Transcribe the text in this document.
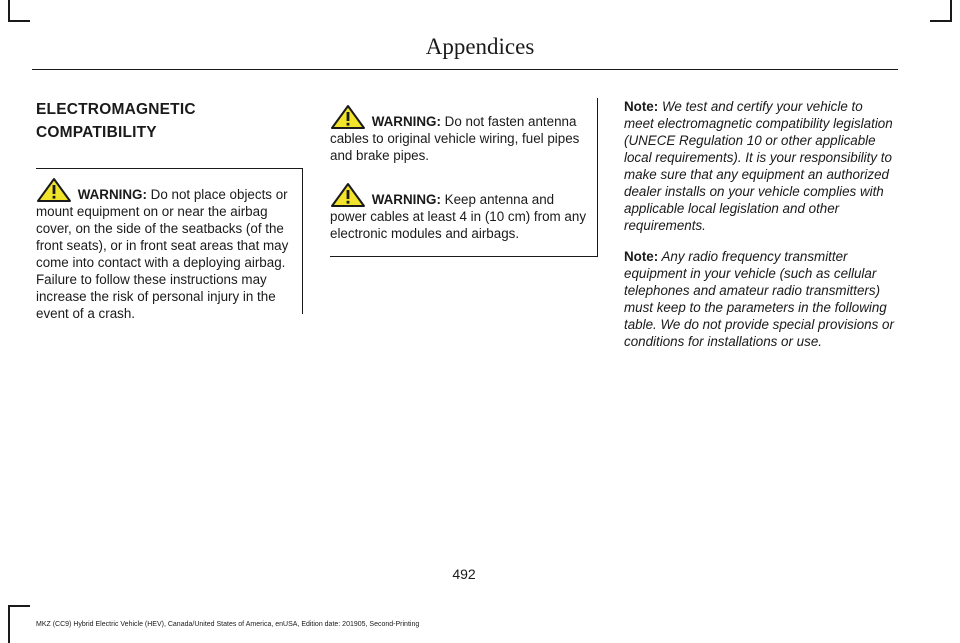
Appendices
ELECTROMAGNETIC
COMPATIBILITY

WARNING: Do not place objects or mount equipment on or near the airbag cover, on the side of the seatbacks (of the front seats), or in front seat areas that may come into contact with a deploying airbag. Failure to follow these instructions may increase the risk of personal injury in the event of a crash.

WARNING: Do not fasten antenna cables to original vehicle wiring, fuel pipes and brake pipes.

WARNING: Keep antenna and power cables at least 4 in (10 cm) from any electronic modules and airbags.

Note: We test and certify your vehicle to meet electromagnetic compatibility legislation (UNECE Regulation 10 or other applicable local requirements). It is your responsibility to make sure that any equipment an authorized dealer installs on your vehicle complies with applicable local legislation and other requirements.

Note: Any radio frequency transmitter equipment in your vehicle (such as cellular telephones and amateur radio transmitters) must keep to the parameters in the following table. We do not provide special provisions or conditions for installations or use.

492
MKZ (CC9) Hybrid Electric Vehicle (HEV), Canada/United States of America, enUSA, Edition date: 201905, Second-Printing
